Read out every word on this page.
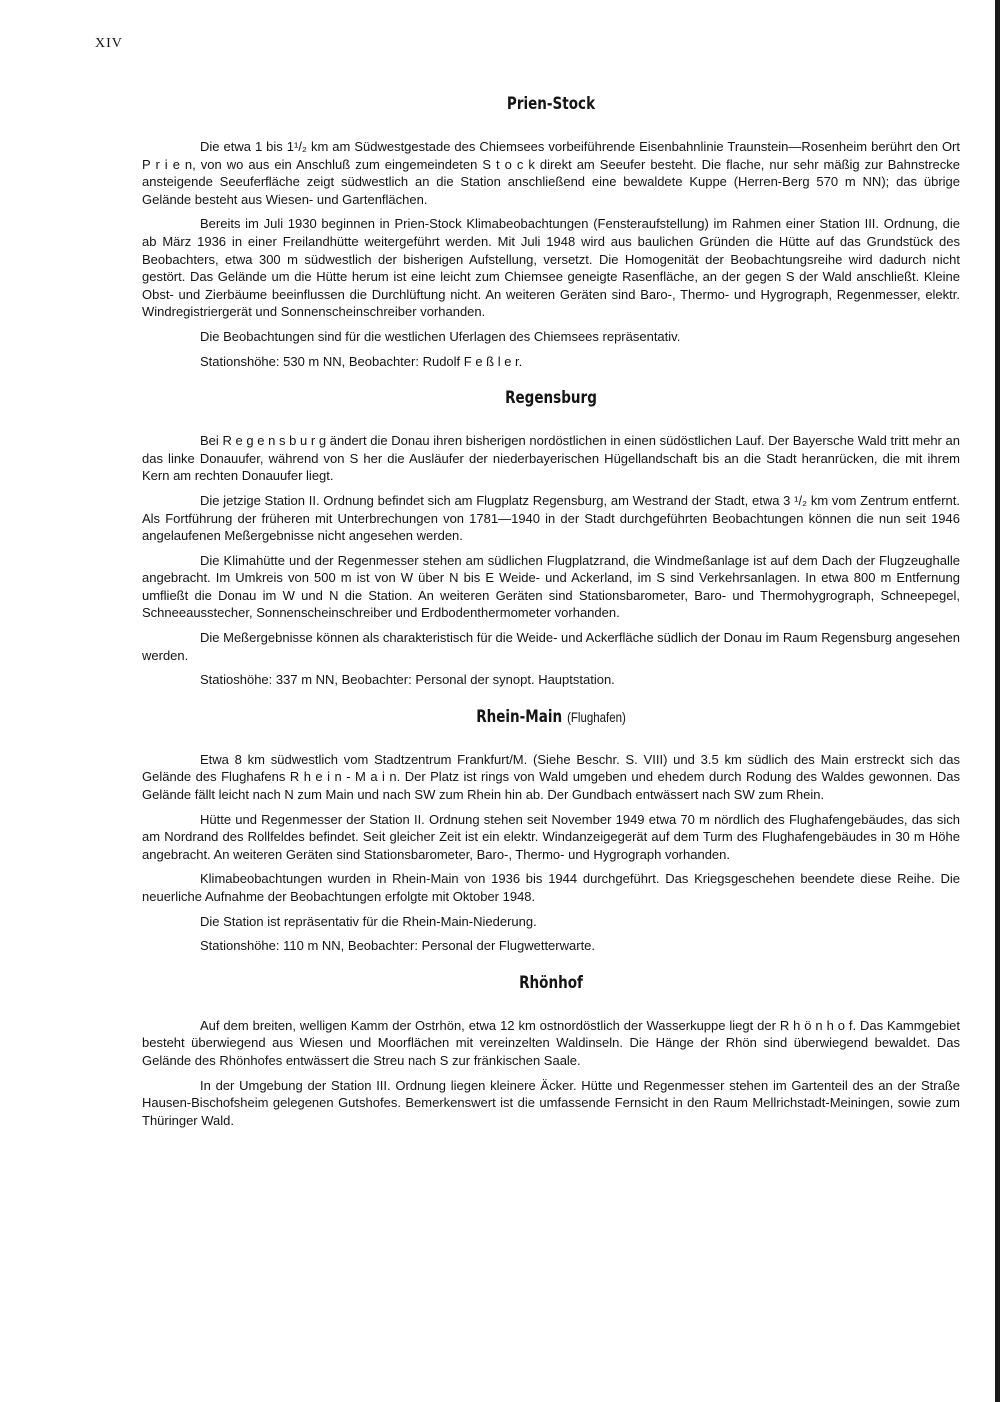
XIV
Prien-Stock

Die etwa 1 bis 1¹/₂ km am Südwestgestade des Chiemsees vorbeiführende Eisenbahnlinie Traunstein—Rosenheim berührt den Ort P r i e n, von wo aus ein Anschluß zum eingemeindeten S t o c k direkt am Seeufer besteht. Die flache, nur sehr mäßig zur Bahnstrecke ansteigende Seeuferfläche zeigt südwestlich an die Station anschließend eine bewaldete Kuppe (Herren-Berg 570 m NN); das übrige Gelände besteht aus Wiesen- und Gartenflächen.

Bereits im Juli 1930 beginnen in Prien-Stock Klimabeobachtungen (Fensteraufstellung) im Rahmen einer Station III. Ordnung, die ab März 1936 in einer Freilandhütte weitergeführt werden. Mit Juli 1948 wird aus baulichen Gründen die Hütte auf das Grundstück des Beobachters, etwa 300 m südwestlich der bisherigen Aufstellung, versetzt. Die Homogenität der Beobachtungsreihe wird dadurch nicht gestört. Das Gelände um die Hütte herum ist eine leicht zum Chiemsee geneigte Rasenfläche, an der gegen S der Wald anschließt. Kleine Obst- und Zierbäume beeinflussen die Durchlüftung nicht. An weiteren Geräten sind Baro-, Thermo- und Hygrograph, Regenmesser, elektr. Windregistriergerät und Sonnenscheinschreiber vorhanden.

Die Beobachtungen sind für die westlichen Uferlagen des Chiemsees repräsentativ.

Stationshöhe: 530 m NN, Beobachter: Rudolf F e ß l e r.

Regensburg

Bei R e g e n s b u r g ändert die Donau ihren bisherigen nordöstlichen in einen südöstlichen Lauf. Der Bayersche Wald tritt mehr an das linke Donauufer, während von S her die Ausläufer der niederbayerischen Hügellandschaft bis an die Stadt heranrücken, die mit ihrem Kern am rechten Donauufer liegt.

Die jetzige Station II. Ordnung befindet sich am Flugplatz Regensburg, am Westrand der Stadt, etwa 3 ¹/₂ km vom Zentrum entfernt. Als Fortführung der früheren mit Unterbrechungen von 1781—1940 in der Stadt durchgeführten Beobachtungen können die nun seit 1946 angelaufenen Meßergebnisse nicht angesehen werden.

Die Klimahütte und der Regenmesser stehen am südlichen Flugplatzrand, die Windmeßanlage ist auf dem Dach der Flugzeughalle angebracht. Im Umkreis von 500 m ist von W über N bis E Weide- und Ackerland, im S sind Verkehrsanlagen. In etwa 800 m Entfernung umfließt die Donau im W und N die Station. An weiteren Geräten sind Stationsbarometer, Baro- und Thermohygrograph, Schneepegel, Schneeausstecher, Sonnenscheinschreiber und Erdbodenthermometer vorhanden.

Die Meßergebnisse können als charakteristisch für die Weide- und Ackerfläche südlich der Donau im Raum Regensburg angesehen werden.

Statioshöhe: 337 m NN, Beobachter: Personal der synopt. Hauptstation.

Rhein-Main (Flughafen)

Etwa 8 km südwestlich vom Stadtzentrum Frankfurt/M. (Siehe Beschr. S. VIII) und 3.5 km südlich des Main erstreckt sich das Gelände des Flughafens R h e i n - M a i n. Der Platz ist rings von Wald umgeben und ehedem durch Rodung des Waldes gewonnen. Das Gelände fällt leicht nach N zum Main und nach SW zum Rhein hin ab. Der Gundbach entwässert nach SW zum Rhein.

Hütte und Regenmesser der Station II. Ordnung stehen seit November 1949 etwa 70 m nördlich des Flughafengebäudes, das sich am Nordrand des Rollfeldes befindet. Seit gleicher Zeit ist ein elektr. Windanzeigegerät auf dem Turm des Flughafengebäudes in 30 m Höhe angebracht. An weiteren Geräten sind Stationsbarometer, Baro-, Thermo- und Hygrograph vorhanden.

Klimabeobachtungen wurden in Rhein-Main von 1936 bis 1944 durchgeführt. Das Kriegsgeschehen beendete diese Reihe. Die neuerliche Aufnahme der Beobachtungen erfolgte mit Oktober 1948.

Die Station ist repräsentativ für die Rhein-Main-Niederung.

Stationshöhe: 110 m NN, Beobachter: Personal der Flugwetterwarte.

Rhönhof

Auf dem breiten, welligen Kamm der Ostrhön, etwa 12 km ostnordöstlich der Wasserkuppe liegt der R h ö n h o f. Das Kammgebiet besteht überwiegend aus Wiesen und Moorflächen mit vereinzelten Waldinseln. Die Hänge der Rhön sind überwiegend bewaldet. Das Gelände des Rhönhofes entwässert die Streu nach S zur fränkischen Saale.

In der Umgebung der Station III. Ordnung liegen kleinere Äcker. Hütte und Regenmesser stehen im Gartenteil des an der Straße Hausen-Bischofsheim gelegenen Gutshofes. Bemerkenswert ist die umfassende Fernsicht in den Raum Mellrichstadt-Meiningen, sowie zum Thüringer Wald.
